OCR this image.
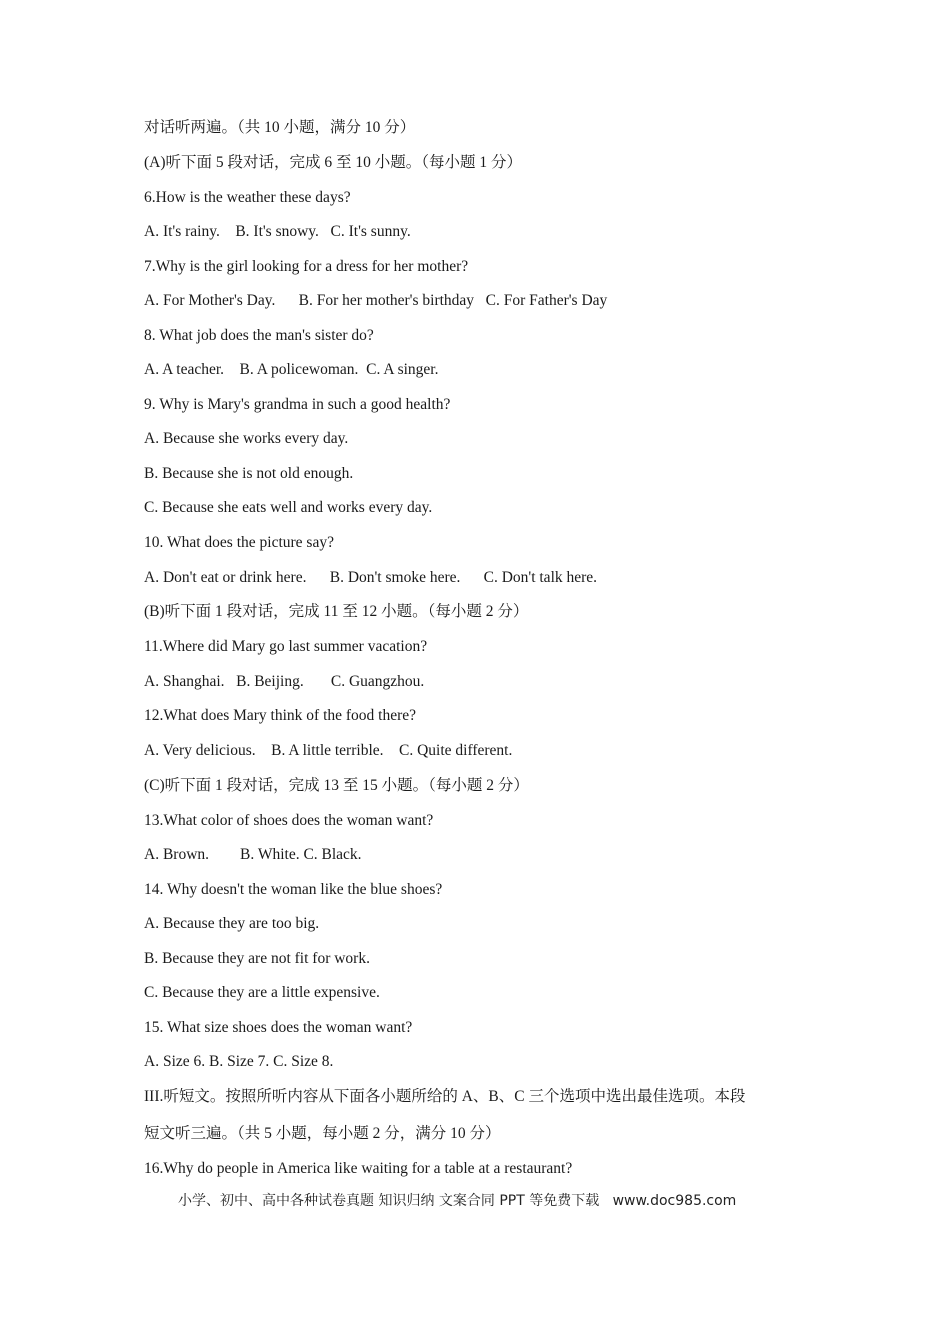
对话听两遍。（共 10 小题，满分 10 分）
(A)听下面 5 段对话，完成 6 至 10 小题。（每小题 1 分）
6.How is the weather these days?
A. It's rainy.    B. It's snowy.   C. It's sunny.
7.Why is the girl looking for a dress for her mother?
A. For Mother's Day.      B. For her mother's birthday   C. For Father's Day
8. What job does the man's sister do?
A. A teacher.    B. A policewoman.  C. A singer.
9. Why is Mary's grandma in such a good health?
A. Because she works every day.
B. Because she is not old enough.
C. Because she eats well and works every day.
10. What does the picture say?
A. Don't eat or drink here.      B. Don't smoke here.      C. Don't talk here.
(B)听下面 1 段对话，完成 11 至 12 小题。（每小题 2 分）
11.Where did Mary go last summer vacation?
A. Shanghai.   B. Beijing.       C. Guangzhou.
12.What does Mary think of the food there?
A. Very delicious.    B. A little terrible.    C. Quite different.
(C)听下面 1 段对话，完成 13 至 15 小题。（每小题 2 分）
13.What color of shoes does the woman want?
A. Brown.        B. White. C. Black.
14. Why doesn't the woman like the blue shoes?
A. Because they are too big.
B. Because they are not fit for work.
C. Because they are a little expensive.
15. What size shoes does the woman want?
A. Size 6. B. Size 7. C. Size 8.
III.听短文。按照所听内容从下面各小题所给的 A、B、C 三个选项中选出最佳选项。本段
短文听三遍。（共 5 小题，每小题 2 分，满分 10 分）
16.Why do people in America like waiting for a table at a restaurant?
小学、初中、高中各种试卷真题 知识归纳 文案合同 PPT 等免费下载   www.doc985.com
